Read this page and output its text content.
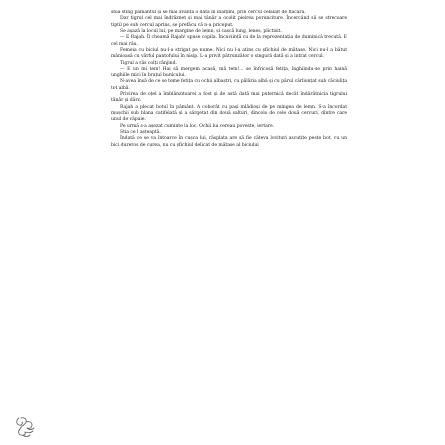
sbia sting pământul și se mai avântă o dată în înălțimi, prin cercul celălalt de flacără.

Dar tigrul cel mai îndrăzneț și mai tânăr a ocolit pieirea porunciture. Încercând să se strecoare tiptil pe sub cercul aprins, se prefăcu că n-a priceput.

Se așază la locul lui, pe margine de lemn, și cască lung, lenes, plictisit.

— E Rajah. Îl cheamă Rajah! spuse copila. Încuviință cu de la reprezentația de duminică trecută. E cel mai rău.

Femeia cu biciul nu-l-a strigat pe nume. Nici nu l-a atins cu șfichiul de mătase. Nici nu-l a bătut mânioasă cu vârful pantofului în nisip. L-a privit pătrunzător o singură dată și a intrat cercul.

Tigrul a râs colți rânjind.

— E un mi tem! Hai să mergem acasă, mă tem!... se înfricoșă fetița, înghiindu-se prin haină unghiile mici în brațul bunicului.

N-avea însă de ce se teme fetița cu ochii albaștri, cu pălăria albă și cu părul cârlionțat sub căciulița tot albă.

Privirea de oțel a îmblânzitoarei a fost și de astă dată mai puternică decât îndărătnicia tigrului tânăr și dârz.

Rajah a plecat botul în pământ. A coborât cu pași mlădioși de pe mingea de lemn. S-a încordat mușchii sub blana catifelată și a sărgetat din două salturi, dincolo de cele două cercuri, dintre care unul de văpaie.

Pe urmă s-a așezat cuminte la loc. Ochii lui cereau poveste, iertare.

Stia ce l așteaptă.

Îndată ce se va întoarce în cușca lui, răsplata are să fie cătevа lovituri ascuțite peste bot, cu un bici dureros de curea, nu cu șfichiul delicat de mătase al biciului
